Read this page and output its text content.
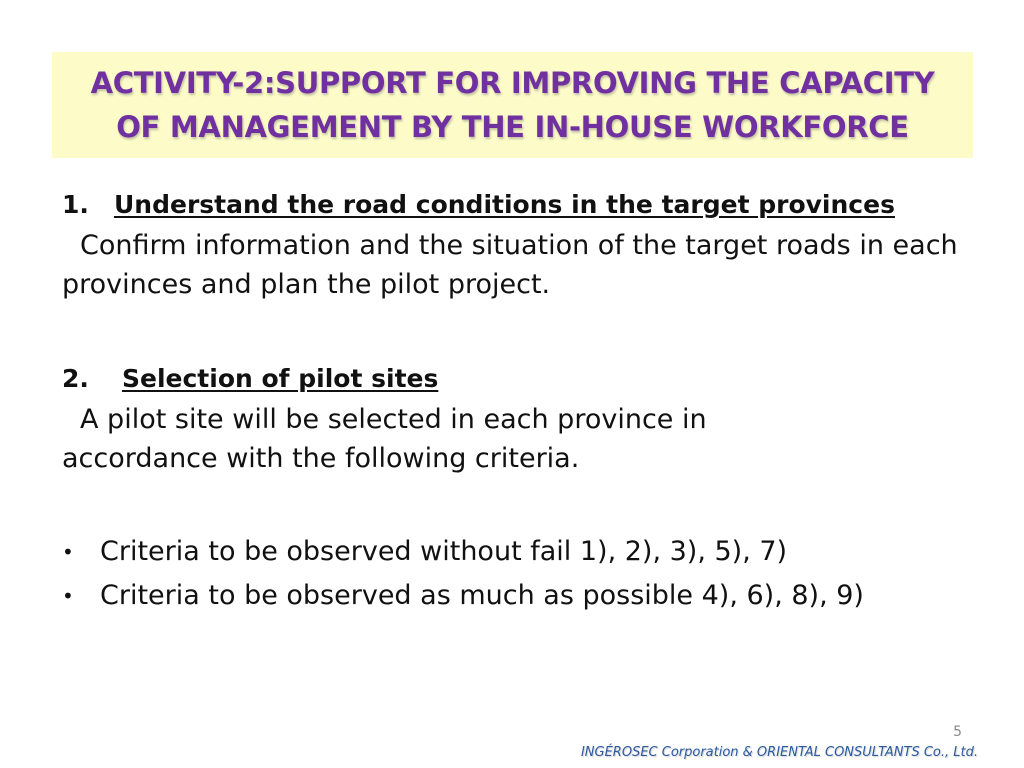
ACTIVITY-2:SUPPORT FOR IMPROVING THE CAPACITY
OF MANAGEMENT BY THE IN-HOUSE WORKFORCE
1. Understand the road conditions in the target provinces
Confirm information and the situation of the target roads in each provinces and plan the pilot project.
2. Selection of pilot sites
A pilot site will be selected in each province in accordance with the following criteria.
• Criteria to be observed without fail 1), 2), 3), 5), 7)
• Criteria to be observed as much as possible 4), 6), 8), 9)
5
INGÉROSEC Corporation & ORIENTAL CONSULTANTS Co., Ltd.
